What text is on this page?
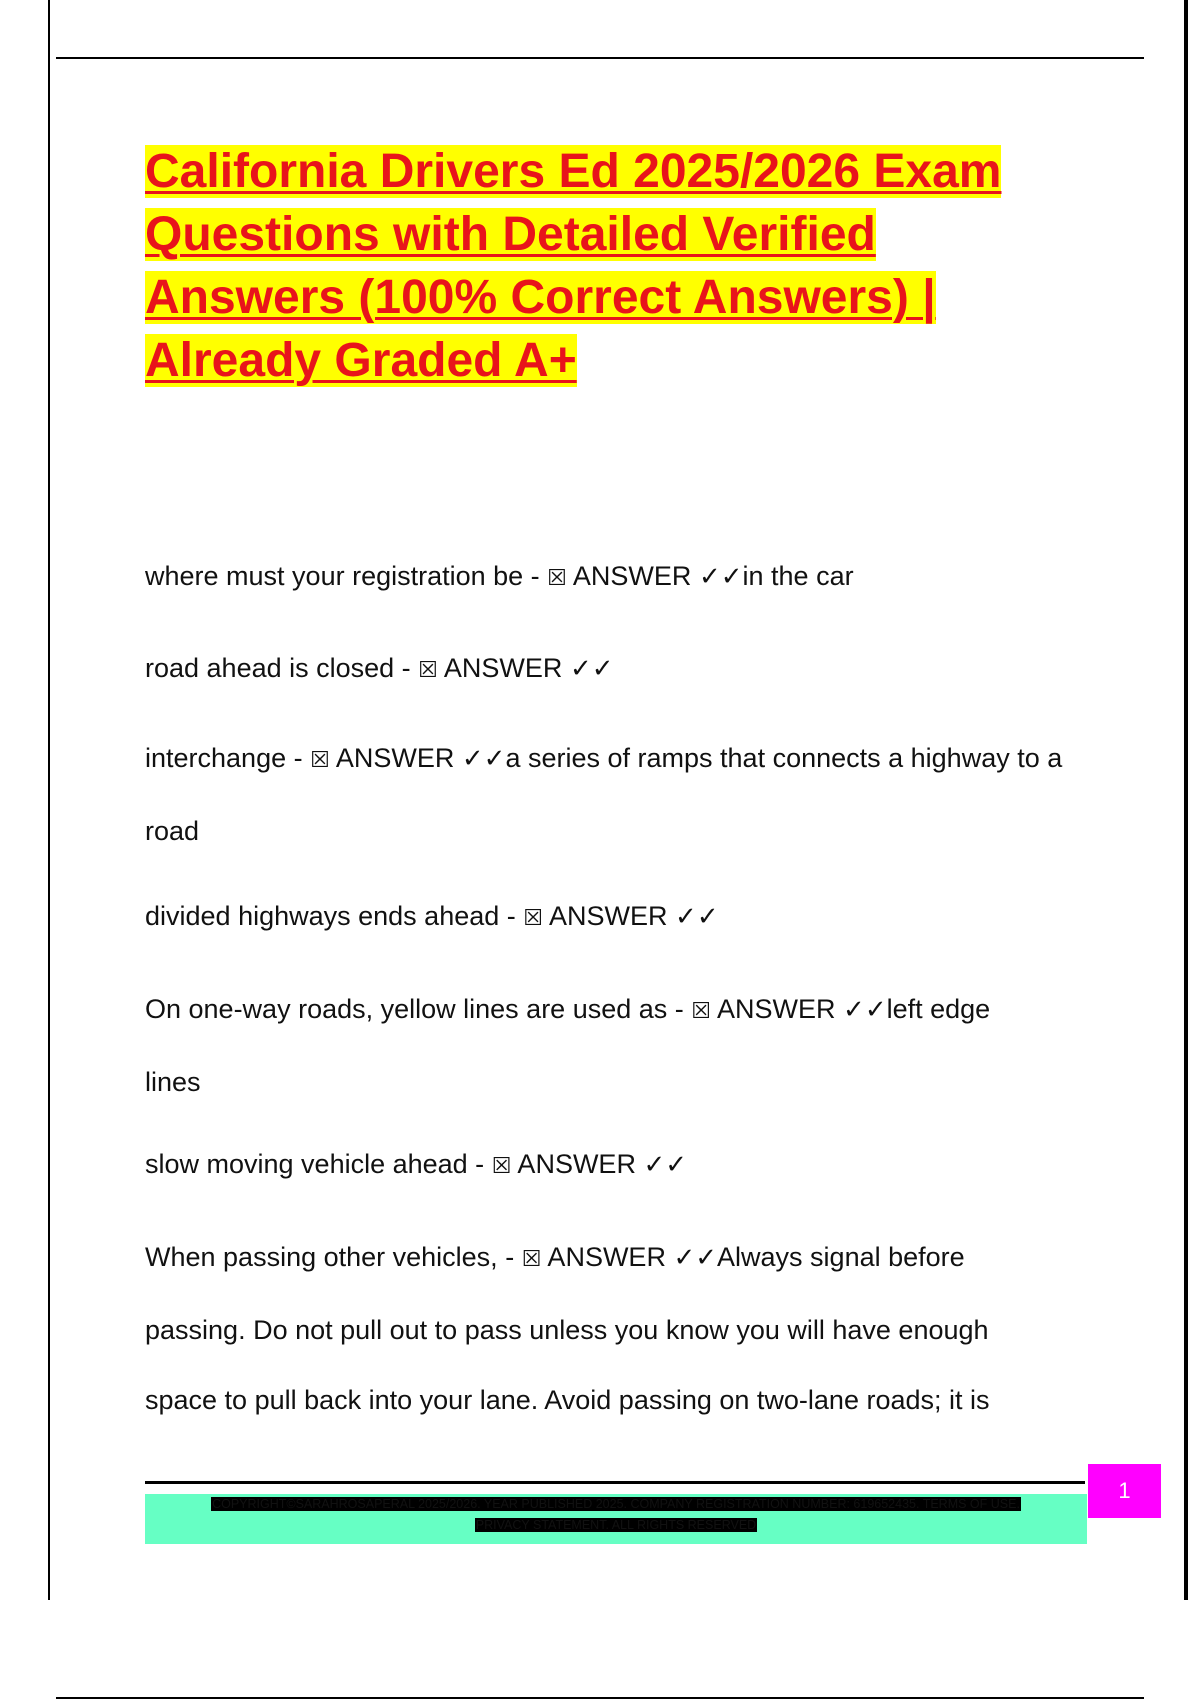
California Drivers Ed 2025/2026 Exam
Questions with Detailed Verified
Answers (100% Correct Answers) |
Already Graded A+

where must your registration be - ☒ ANSWER ✓✓in the car

road ahead is closed - ☒ ANSWER ✓✓

interchange - ☒ ANSWER ✓✓a series of ramps that connects a highway to a road

divided highways ends ahead - ☒ ANSWER ✓✓

On one-way roads, yellow lines are used as - ☒ ANSWER ✓✓left edge lines

slow moving vehicle ahead - ☒ ANSWER ✓✓

When passing other vehicles, - ☒ ANSWER ✓✓Always signal before passing. Do not pull out to pass unless you know you will have enough space to pull back into your lane. Avoid passing on two-lane roads; it is

COPYRIGHT©SARAHROSAPERAL 2025/2026. YEAR PUBLISHED 2025. COMPANY REGISTRATION NUMBER: 619652435. TERMS OF USE.
PRIVACY STATEMENT. ALL RIGHTS RESERVED
1
